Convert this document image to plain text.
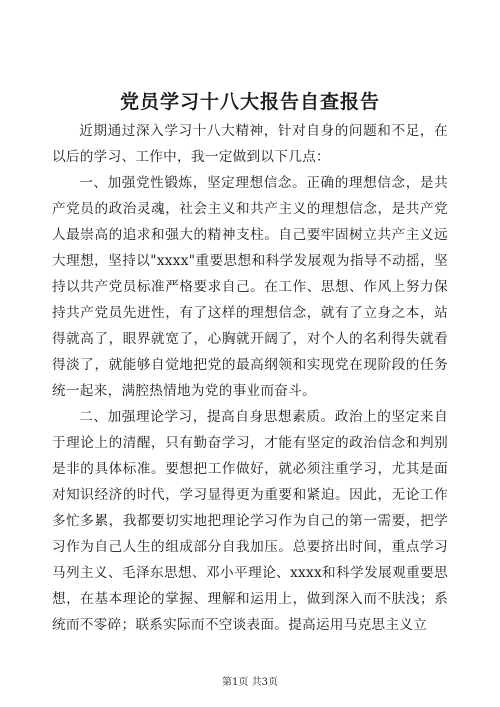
党员学习十八大报告自查报告

近期通过深入学习十八大精神，针对自身的问题和不足，在以后的学习、工作中，我一定做到以下几点：

一、加强党性锻炼，坚定理想信念。正确的理想信念，是共产党员的政治灵魂，社会主义和共产主义的理想信念，是共产党人最崇高的追求和强大的精神支柱。自己要牢固树立共产主义远大理想，坚持以"xxxx"重要思想和科学发展观为指导不动摇，坚持以共产党员标准严格要求自己。在工作、思想、作风上努力保持共产党员先进性，有了这样的理想信念，就有了立身之本，站得就高了，眼界就宽了，心胸就开阔了，对个人的名利得失就看得淡了，就能够自觉地把党的最高纲领和实现党在现阶段的任务统一起来，满腔热情地为党的事业而奋斗。

二、加强理论学习，提高自身思想素质。政治上的坚定来自于理论上的清醒，只有勤奋学习，才能有坚定的政治信念和判别是非的具体标准。要想把工作做好，就必须注重学习，尤其是面对知识经济的时代，学习显得更为重要和紧迫。因此，无论工作多忙多累，我都要切实地把理论学习作为自己的第一需要，把学习作为自己人生的组成部分自我加压。总要挤出时间，重点学习马列主义、毛泽东思想、邓小平理论、xxxx和科学发展观重要思想，在基本理论的掌握、理解和运用上，做到深入而不肤浅；系统而不零碎；联系实际而不空谈表面。提高运用马克思主义立

第1页 共3页
